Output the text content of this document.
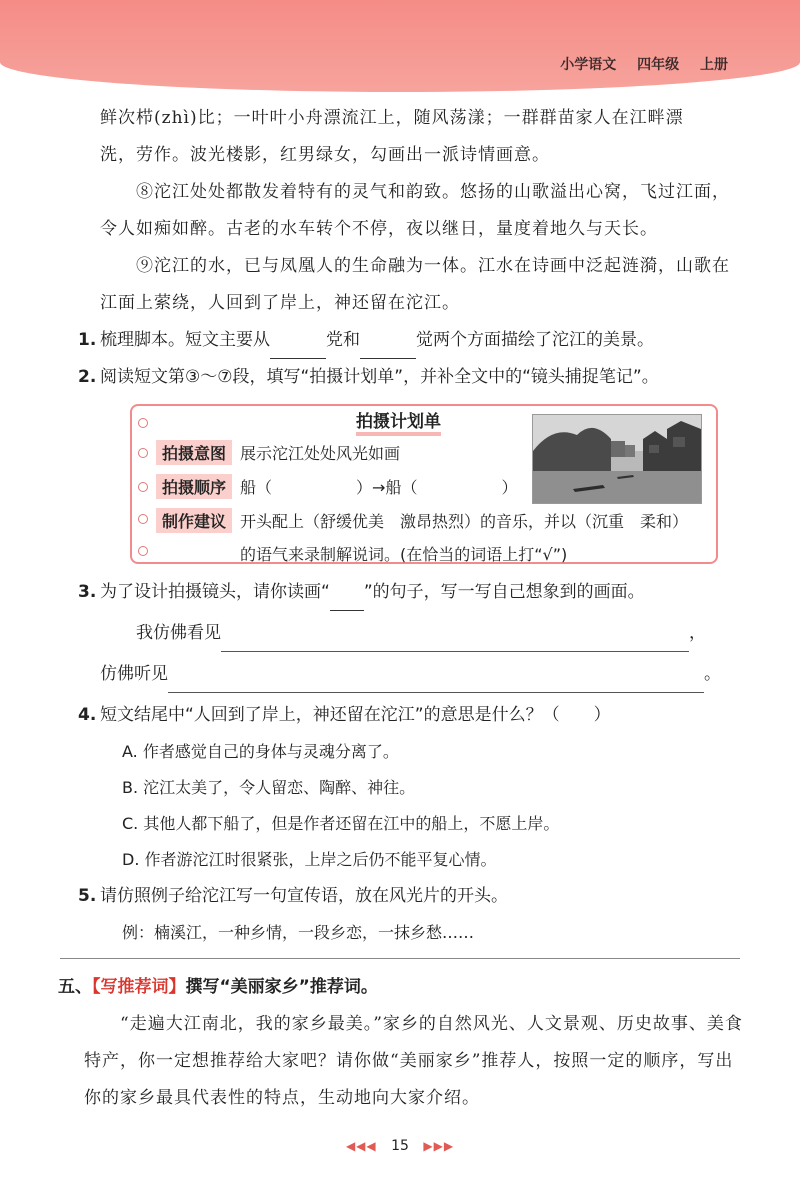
小学语文 四年级 上册

鲜次栉(zhì)比；一叶叶小舟漂流江上，随风荡漾；一群群苗家人在江畔漂

洗，劳作。波光楼影，红男绿女，勾画出一派诗情画意。

⑧沱江处处都散发着特有的灵气和韵致。悠扬的山歌溢出心窝，飞过江面，令人如痴如醉。古老的水车转个不停，夜以继日，量度着地久与天长。

⑨沱江的水，已与凤凰人的生命融为一体。江水在诗画中泛起涟漪，山歌在江面上萦绕，人回到了岸上，神还留在沱江。

1. 梳理脚本。短文主要从	党和	觉两个方面描绘了沱江的美景。
2. 阅读短文第③～⑦段，填写“拍摄计划单”，并补全文中的“镜头捕捉笔记”。
拍摄计划单
拍摄意图 展示沱江处处风光如画
拍摄顺序 船（	）→船（	）
制作建议 开头配上（舒缓优美　激昂热烈）的音乐，并以（沉重　柔和）
的语气来录制解说词。(在恰当的词语上打“√”)
3. 为了设计拍摄镜头，请你读画“ ”的句子，写一写自己想象到的画面。
我仿佛看见	，
仿佛听见	。
4. 短文结尾中“人回到了岸上，神还留在沱江”的意思是什么？（　　）
A. 作者感觉自己的身体与灵魂分离了。
B. 沱江太美了，令人留恋、陶醉、神往。
C. 其他人都下船了，但是作者还留在江中的船上，不愿上岸。
D. 作者游沱江时很紧张，上岸之后仍不能平复心情。
5. 请仿照例子给沱江写一句宣传语，放在风光片的开头。
例：楠溪江，一种乡情，一段乡恋，一抹乡愁……
五、【写推荐词】撰写“美丽家乡”推荐词。

“走遍大江南北，我的家乡最美。”家乡的自然风光、人文景观、历史故事、美食特产，你一定想推荐给大家吧？请你做“美丽家乡”推荐人，按照一定的顺序，写出你的家乡最具代表性的特点，生动地向大家介绍。

◀◀◀ 15 ▶▶▶
